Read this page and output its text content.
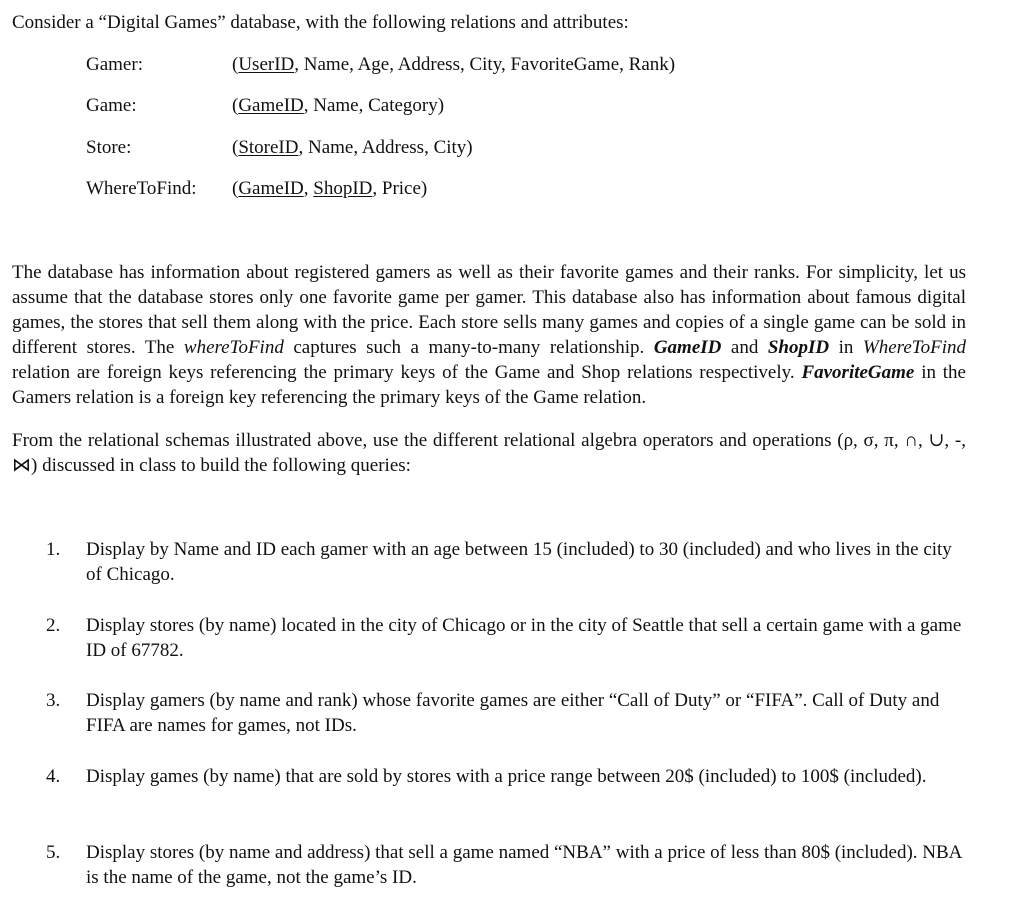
Consider a “Digital Games” database, with the following relations and attributes:
Gamer:	(UserID, Name, Age, Address, City, FavoriteGame, Rank)
Game:	(GameID, Name, Category)
Store:	(StoreID, Name, Address, City)
WhereToFind: (GameID, ShopID, Price)
The database has information about registered gamers as well as their favorite games and their ranks. For simplicity, let us assume that the database stores only one favorite game per gamer. This database also has information about famous digital games, the stores that sell them along with the price. Each store sells many games and copies of a single game can be sold in different stores. The whereToFind captures such a many-to-many relationship. GameID and ShopID in WhereToFind relation are foreign keys referencing the primary keys of the Game and Shop relations respectively. FavoriteGame in the Gamers relation is a foreign key referencing the primary keys of the Game relation.
From the relational schemas illustrated above, use the different relational algebra operators and operations (ρ, σ, π, ∩, ∪, -, ⋈) discussed in class to build the following queries:
1.	Display by Name and ID each gamer with an age between 15 (included) to 30 (included) and who lives in the city of Chicago.
2.	Display stores (by name) located in the city of Chicago or in the city of Seattle that sell a certain game with a game ID of 67782.
3.	Display gamers (by name and rank) whose favorite games are either “Call of Duty” or “FIFA”. Call of Duty and FIFA are names for games, not IDs.
4.	Display games (by name) that are sold by stores with a price range between 20$ (included) to 100$ (included).
5.	Display stores (by name and address) that sell a game named “NBA” with a price of less than 80$ (included). NBA is the name of the game, not the game’s ID.
